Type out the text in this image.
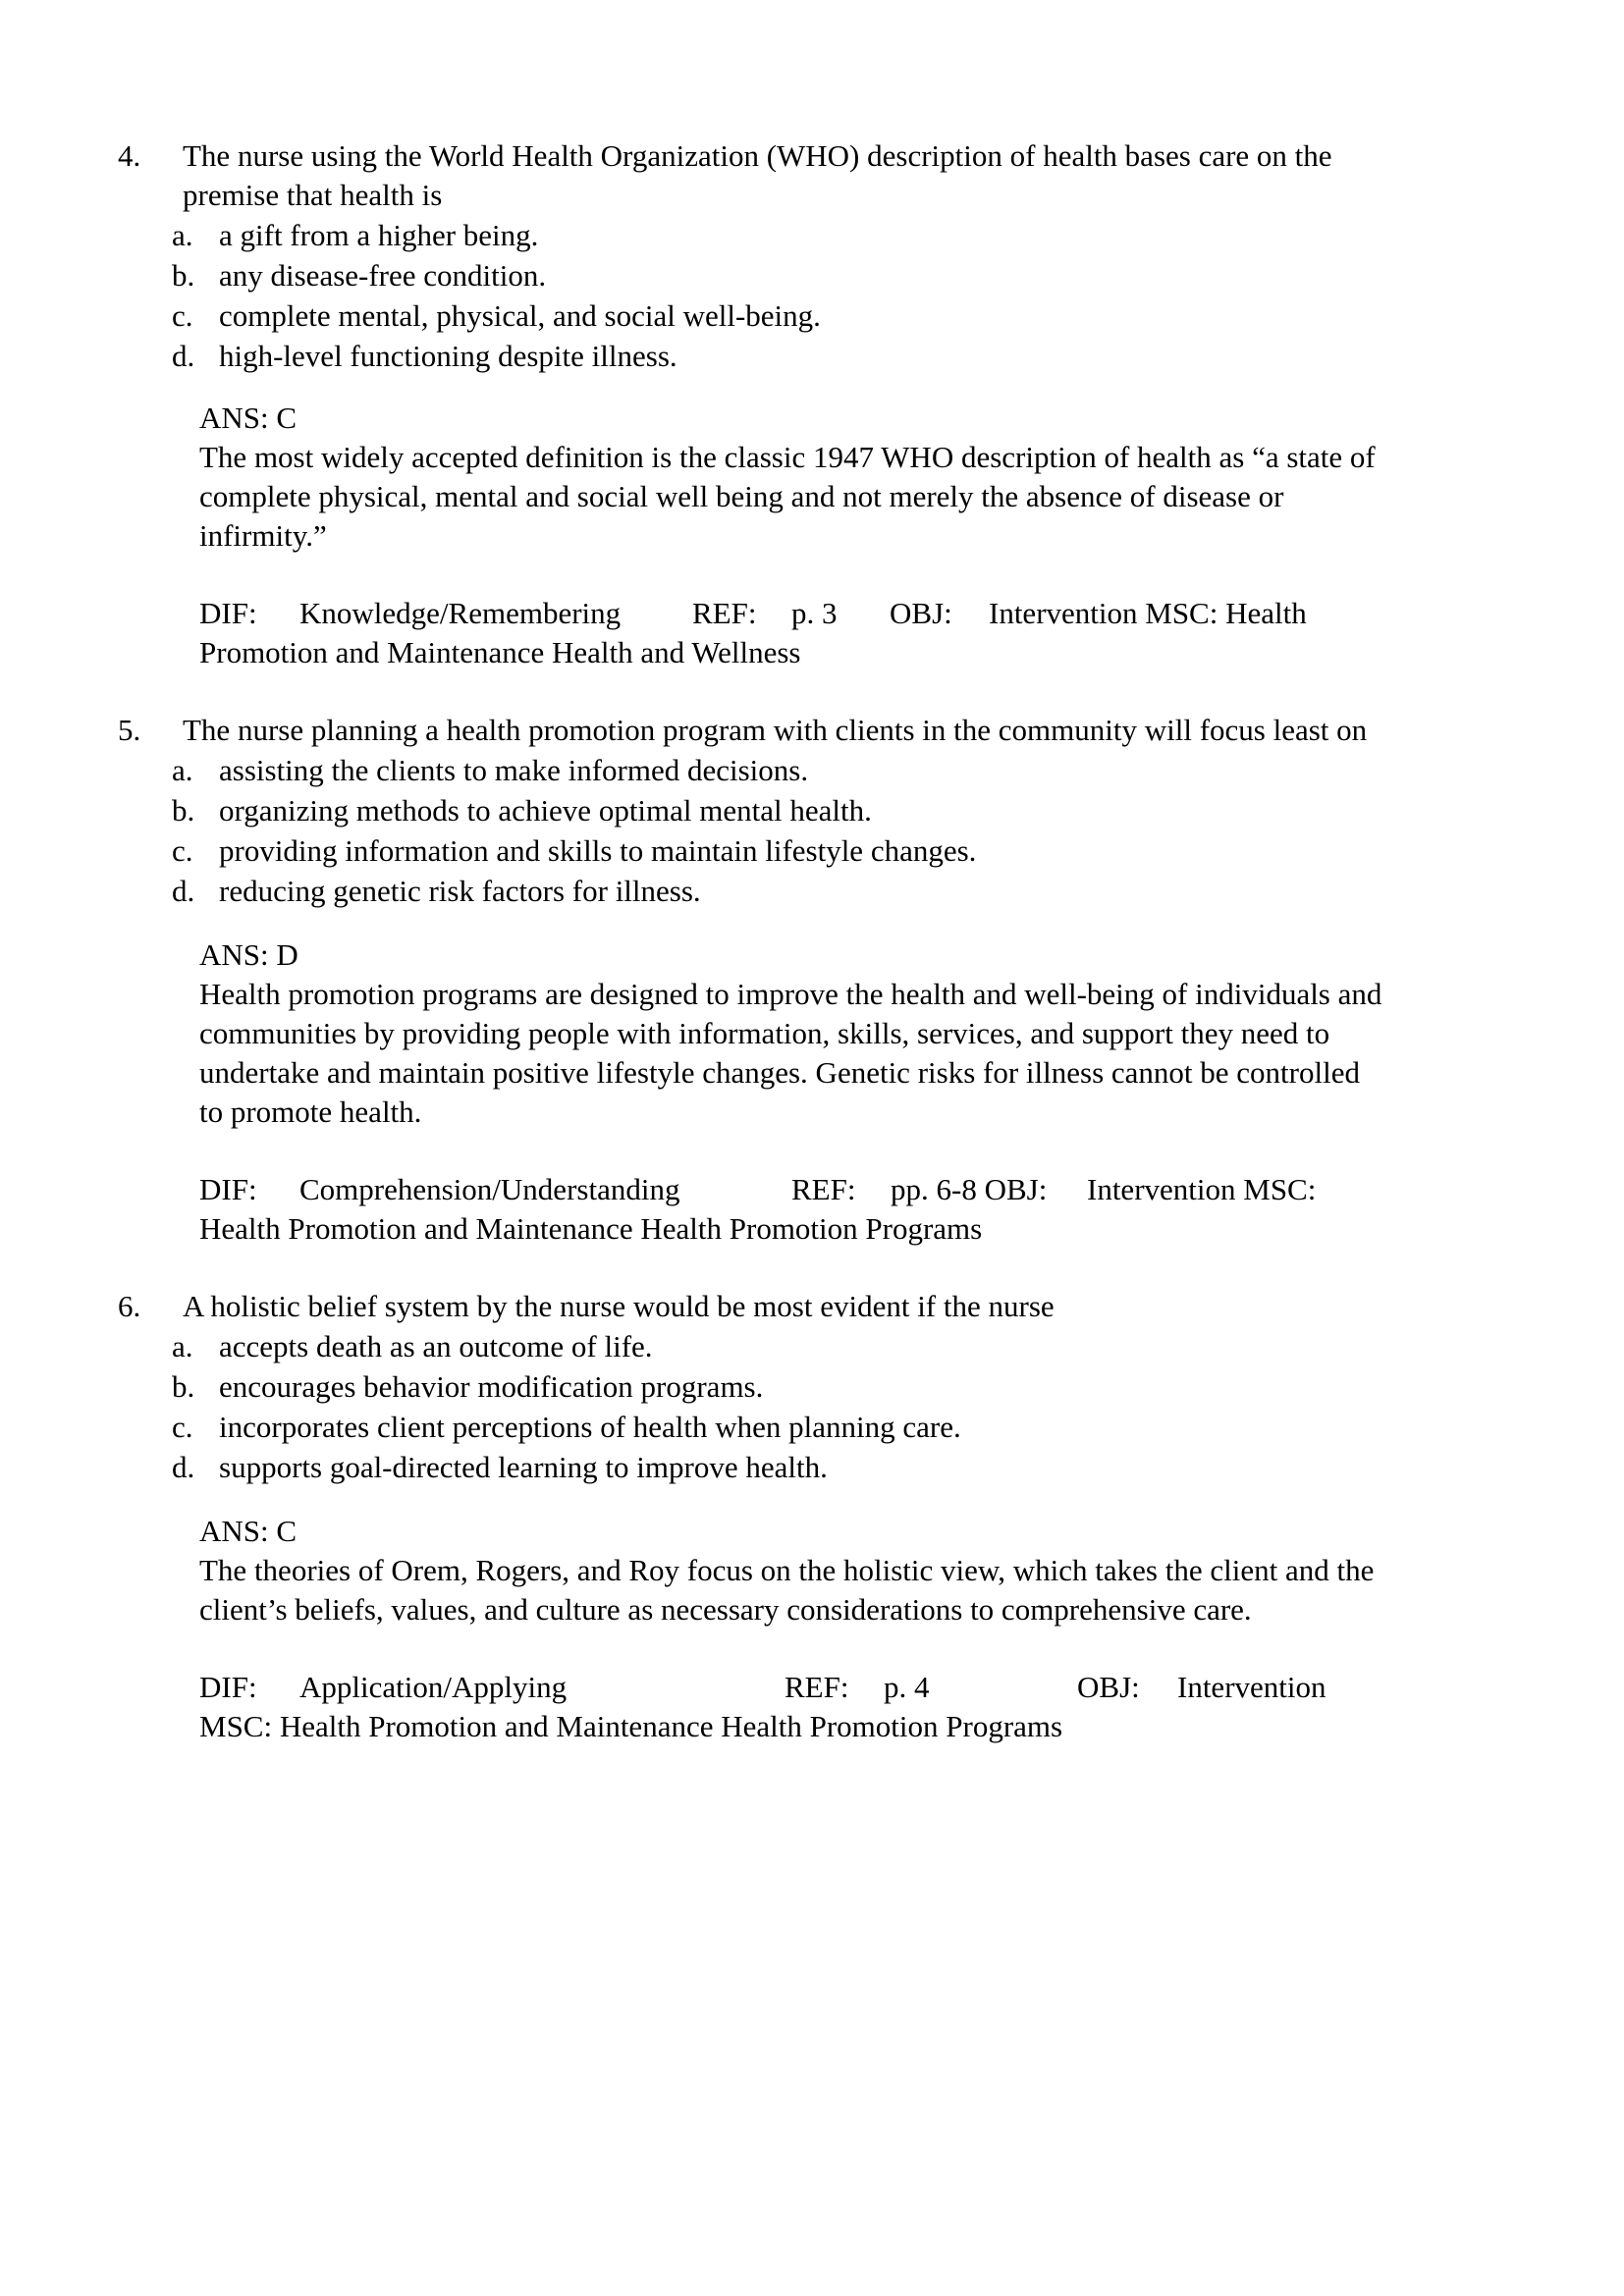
4. The nurse using the World Health Organization (WHO) description of health bases care on the
premise that health is
a. a gift from a higher being.
b. any disease-free condition.
c. complete mental, physical, and social well-being.
d. high-level functioning despite illness.
ANS: C
The most widely accepted definition is the classic 1947 WHO description of health as “a state of
complete physical, mental and social well being and not merely the absence of disease or
infirmity.”
DIF: Knowledge/Remembering REF: p. 3 OBJ: Intervention MSC: Health
Promotion and Maintenance Health and Wellness
5. The nurse planning a health promotion program with clients in the community will focus least on
a. assisting the clients to make informed decisions.
b. organizing methods to achieve optimal mental health.
c. providing information and skills to maintain lifestyle changes.
d. reducing genetic risk factors for illness.
ANS: D
Health promotion programs are designed to improve the health and well-being of individuals and
communities by providing people with information, skills, services, and support they need to
undertake and maintain positive lifestyle changes. Genetic risks for illness cannot be controlled
to promote health.
DIF: Comprehension/Understanding	REF: pp. 6-8 OBJ: Intervention MSC:
Health Promotion and Maintenance Health Promotion Programs
6. A holistic belief system by the nurse would be most evident if the nurse
a. accepts death as an outcome of life.
b. encourages behavior modification programs.
c. incorporates client perceptions of health when planning care.
d. supports goal-directed learning to improve health.
ANS: C
The theories of Orem, Rogers, and Roy focus on the holistic view, which takes the client and the
client’s beliefs, values, and culture as necessary considerations to comprehensive care.
DIF: Application/Applying	REF: p. 4	OBJ: Intervention
MSC: Health Promotion and Maintenance Health Promotion Programs
